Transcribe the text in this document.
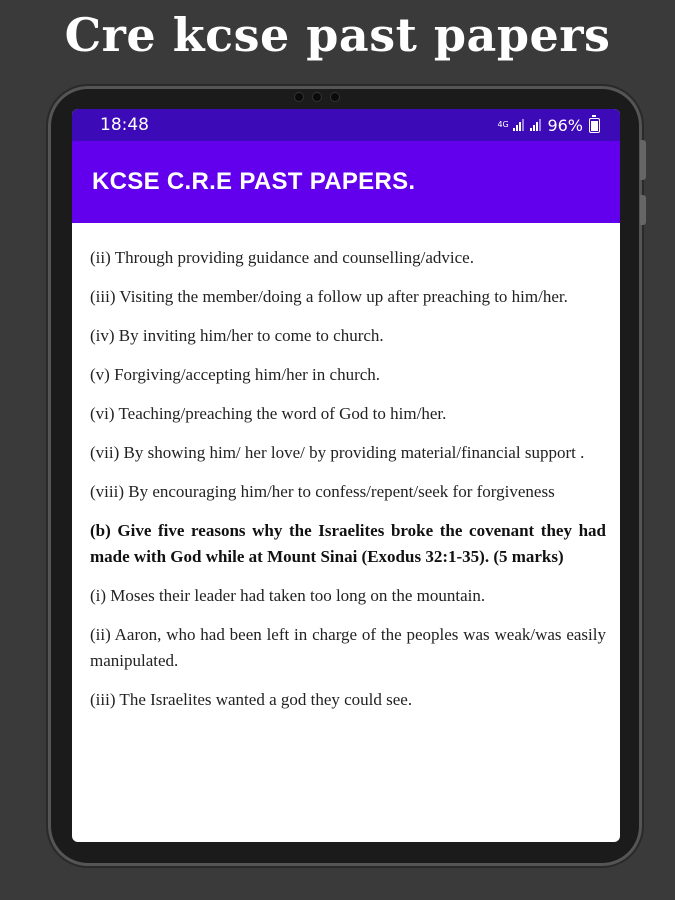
Cre kcse past papers
18:48	4G 96%
KCSE C.R.E PAST PAPERS.

(ii) Through providing guidance and counselling/advice.

(iii) Visiting the member/doing a follow up after preaching to him/her.

(iv) By inviting him/her to come to church.

(v) Forgiving/accepting him/her in church.

(vi) Teaching/preaching the word of God to him/her.

(vii) By showing him/ her love/ by providing material/financial support .

(viii) By encouraging him/her to confess/repent/seek for forgiveness

(b) Give five reasons why the Israelites broke the covenant they had made with God while at Mount Sinai (Exodus 32:1-35). (5 marks)

(i) Moses their leader had taken too long on the mountain.

(ii) Aaron, who had been left in charge of the peoples was weak/was easily manipulated.

(iii) The Israelites wanted a god they could see.
